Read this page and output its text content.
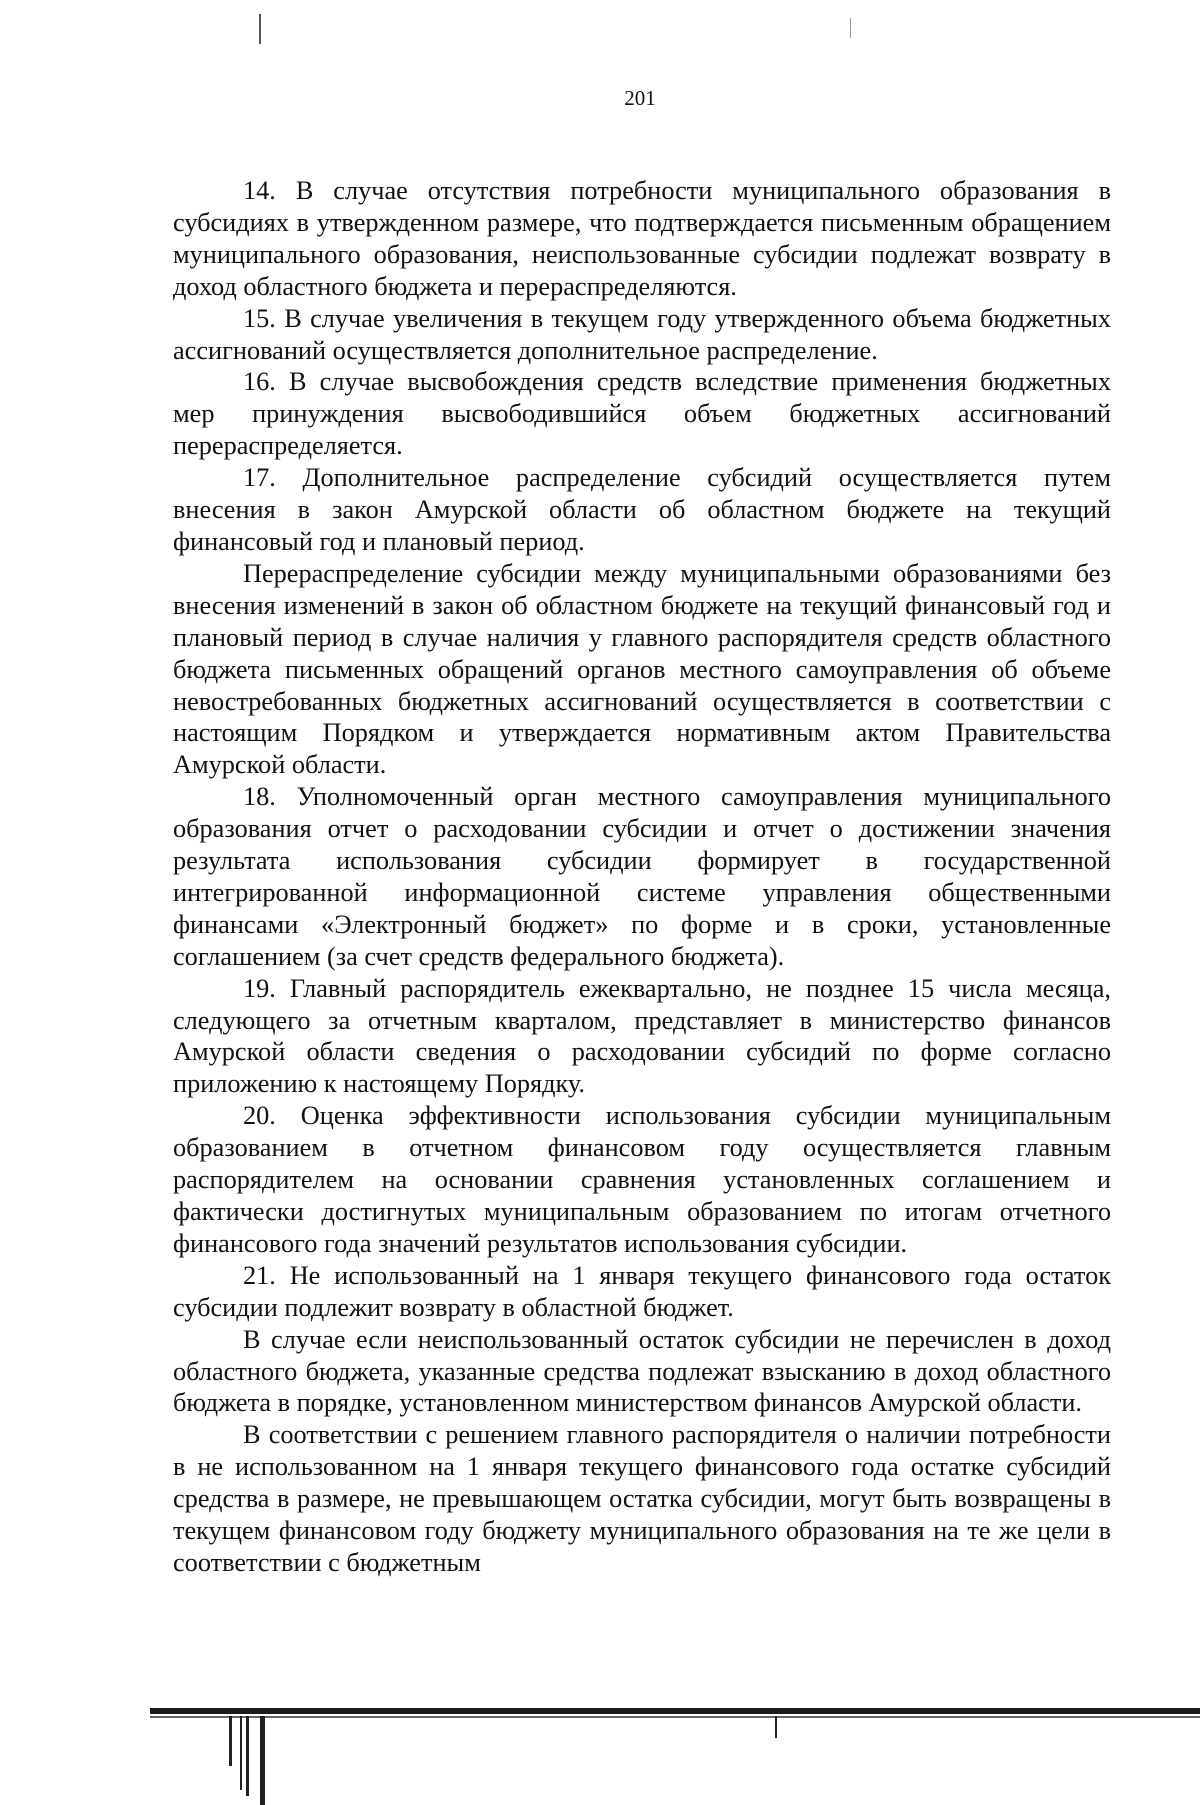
201

14. В случае отсутствия потребности муниципального образования в субсидиях в утвержденном размере, что подтверждается письменным обращением муниципального образования, неиспользованные субсидии подлежат возврату в доход областного бюджета и перераспределяются.

15. В случае увеличения в текущем году утвержденного объема бюджетных ассигнований осуществляется дополнительное распределение.

16. В случае высвобождения средств вследствие применения бюджетных мер принуждения высвободившийся объем бюджетных ассигнований перераспределяется.

17. Дополнительное распределение субсидий осуществляется путем внесения в закон Амурской области об областном бюджете на текущий финансовый год и плановый период.

Перераспределение субсидии между муниципальными образованиями без внесения изменений в закон об областном бюджете на текущий финансовый год и плановый период в случае наличия у главного распорядителя средств областного бюджета письменных обращений органов местного самоуправления об объеме невостребованных бюджетных ассигнований осуществляется в соответствии с настоящим Порядком и утверждается нормативным актом Правительства Амурской области.

18. Уполномоченный орган местного самоуправления муниципального образования отчет о расходовании субсидии и отчет о достижении значения результата использования субсидии формирует в государственной интегрированной информационной системе управления общественными финансами «Электронный бюджет» по форме и в сроки, установленные соглашением (за счет средств федерального бюджета).

19. Главный распорядитель ежеквартально, не позднее 15 числа месяца, следующего за отчетным кварталом, представляет в министерство финансов Амурской области сведения о расходовании субсидий по форме согласно приложению к настоящему Порядку.

20. Оценка эффективности использования субсидии муниципальным образованием в отчетном финансовом году осуществляется главным распорядителем на основании сравнения установленных соглашением и фактически достигнутых муниципальным образованием по итогам отчетного финансового года значений результатов использования субсидии.

21. Не использованный на 1 января текущего финансового года остаток субсидии подлежит возврату в областной бюджет.

В случае если неиспользованный остаток субсидии не перечислен в доход областного бюджета, указанные средства подлежат взысканию в доход областного бюджета в порядке, установленном министерством финансов Амурской области.

В соответствии с решением главного распорядителя о наличии потребности в не использованном на 1 января текущего финансового года остатке субсидий средства в размере, не превышающем остатка субсидии, могут быть возвращены в текущем финансовом году бюджету муниципального образования на те же цели в соответствии с бюджетным
